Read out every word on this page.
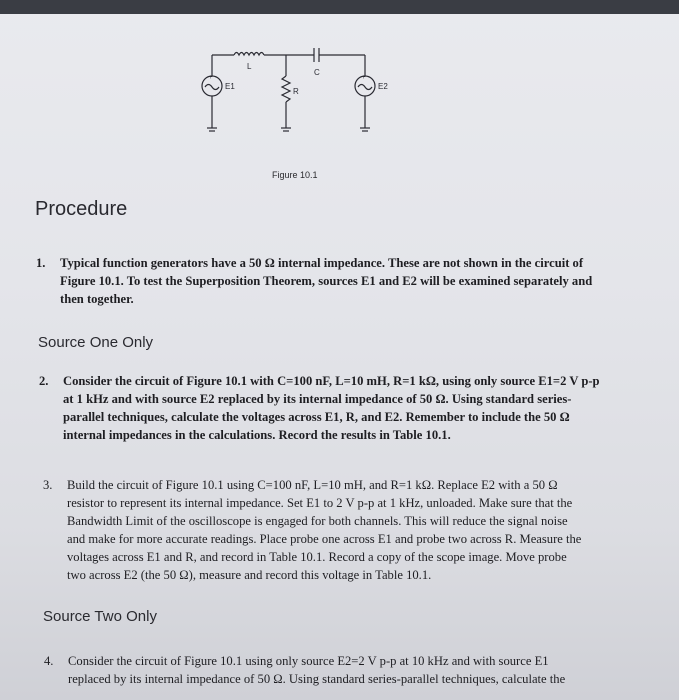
+	+
E1
L
R
C
E2
Figure 10.1
Procedure
1. Typical function generators have a 50 Ω internal impedance. These are not shown in the circuit of
Figure 10.1. To test the Superposition Theorem, sources E1 and E2 will be examined separately and
then together.
Source One Only
2. Consider the circuit of Figure 10.1 with C=100 nF, L=10 mH, R=1 kΩ, using only source E1=2 V p-p
at 1 kHz and with source E2 replaced by its internal impedance of 50 Ω. Using standard series-
parallel techniques, calculate the voltages across E1, R, and E2. Remember to include the 50 Ω
internal impedances in the calculations. Record the results in Table 10.1.
3. Build the circuit of Figure 10.1 using C=100 nF, L=10 mH, and R=1 kΩ. Replace E2 with a 50 Ω
resistor to represent its internal impedance. Set E1 to 2 V p-p at 1 kHz, unloaded. Make sure that the
Bandwidth Limit of the oscilloscope is engaged for both channels. This will reduce the signal noise
and make for more accurate readings. Place probe one across E1 and probe two across R. Measure the
voltages across E1 and R, and record in Table 10.1. Record a copy of the scope image. Move probe
two across E2 (the 50 Ω), measure and record this voltage in Table 10.1.
Source Two Only
4. Consider the circuit of Figure 10.1 using only source E2=2 V p-p at 10 kHz and with source E1
replaced by its internal impedance of 50 Ω. Using standard series-parallel techniques, calculate the
